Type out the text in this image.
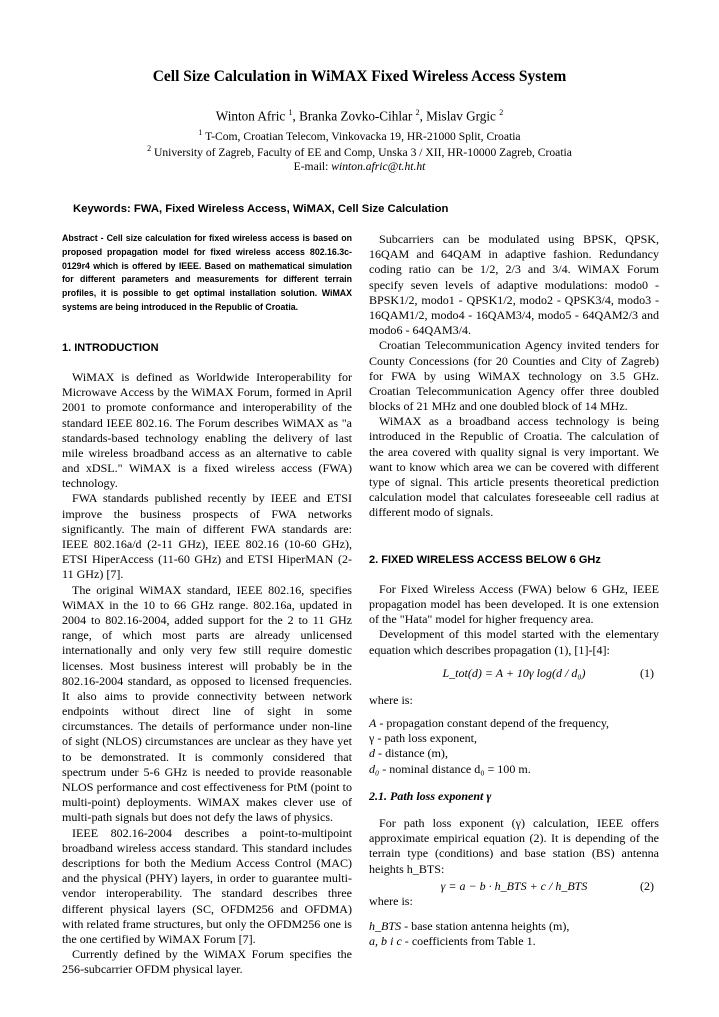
Cell Size Calculation in WiMAX Fixed Wireless Access System
Winton Afric $^1$, Branka Zovko-Cihlar $^2$, Mislav Grgic $^2$
$^1$ T-Com, Croatian Telecom, Vinkovacka 19, HR-21000 Split, Croatia
$^2$ University of Zagreb, Faculty of EE and Comp, Unska 3 / XII, HR-10000 Zagreb, Croatia
E-mail: winton.afric@t.ht.ht
Keywords: FWA, Fixed Wireless Access, WiMAX, Cell Size Calculation

Abstract - Cell size calculation for fixed wireless access is based on proposed propagation model for fixed wireless access 802.16.3c-0129r4 which is offered by IEEE. Based on mathematical simulation for different parameters and measurements for different terrain profiles, it is possible to get optimal installation solution. WiMAX systems are being introduced in the Republic of Croatia.

1. INTRODUCTION

WiMAX is defined as Worldwide Interoperability for Microwave Access by the WiMAX Forum, formed in April 2001 to promote conformance and interoperability of the standard IEEE 802.16. The Forum describes WiMAX as "a standards-based technology enabling the delivery of last mile wireless broadband access as an alternative to cable and xDSL." WiMAX is a fixed wireless access (FWA) technology.

FWA standards published recently by IEEE and ETSI improve the business prospects of FWA networks significantly. The main of different FWA standards are: IEEE 802.16a/d (2-11 GHz), IEEE 802.16 (10-60 GHz), ETSI HiperAccess (11-60 GHz) and ETSI HiperMAN (2-11 GHz) [7].

The original WiMAX standard, IEEE 802.16, specifies WiMAX in the 10 to 66 GHz range. 802.16a, updated in 2004 to 802.16-2004, added support for the 2 to 11 GHz range, of which most parts are already unlicensed internationally and only very few still require domestic licenses. Most business interest will probably be in the 802.16-2004 standard, as opposed to licensed frequencies. It also aims to provide connectivity between network endpoints without direct line of sight in some circumstances. The details of performance under non-line of sight (NLOS) circumstances are unclear as they have yet to be demonstrated. It is commonly considered that spectrum under 5-6 GHz is needed to provide reasonable NLOS performance and cost effectiveness for PtM (point to multi-point) deployments. WiMAX makes clever use of multi-path signals but does not defy the laws of physics.

IEEE 802.16-2004 describes a point-to-multipoint broadband wireless access standard. This standard includes descriptions for both the Medium Access Control (MAC) and the physical (PHY) layers, in order to guarantee multi-vendor interoperability. The standard describes three different physical layers (SC, OFDM256 and OFDMA) with related frame structures, but only the OFDM256 one is the one certified by WiMAX Forum [7].

Currently defined by the WiMAX Forum specifies the 256-subcarrier OFDM physical layer.

Subcarriers can be modulated using BPSK, QPSK, 16QAM and 64QAM in adaptive fashion. Redundancy coding ratio can be 1/2, 2/3 and 3/4. WiMAX Forum specify seven levels of adaptive modulations: modo0 - BPSK1/2, modo1 - QPSK1/2, modo2 - QPSK3/4, modo3 - 16QAM1/2, modo4 - 16QAM3/4, modo5 - 64QAM2/3 and modo6 - 64QAM3/4.

Croatian Telecommunication Agency invited tenders for County Concessions (for 20 Counties and City of Zagreb) for FWA by using WiMAX technology on 3.5 GHz. Croatian Telecommunication Agency offer three doubled blocks of 21 MHz and one doubled block of 14 MHz.

WiMAX as a broadband access technology is being introduced in the Republic of Croatia. The calculation of the area covered with quality signal is very important. We want to know which area we can be covered with different type of signal. This article presents theoretical prediction calculation model that calculates foreseeable cell radius at different modo of signals.

2. FIXED WIRELESS ACCESS BELOW 6 GHz

For Fixed Wireless Access (FWA) below 6 GHz, IEEE propagation model has been developed. It is one extension of the "Hata" model for higher frequency area.

Development of this model started with the elementary equation which describes propagation (1), [1]-[4]:

L_tot(d) = A + 10γ log(d / d₀)	(1)

where is:

A - propagation constant depend of the frequency,

γ - path loss exponent,

d - distance (m),

d₀ - nominal distance d₀ = 100 m.

2.1. Path loss exponent γ

For path loss exponent (γ) calculation, IEEE offers approximate empirical equation (2). It is depending of the terrain type (conditions) and base station (BS) antenna heights h_BTS:

γ = a − b · h_BTS + c / h_BTS	(2)

where is:

h_BTS - base station antenna heights (m),

a, b i c - coefficients from Table 1.
